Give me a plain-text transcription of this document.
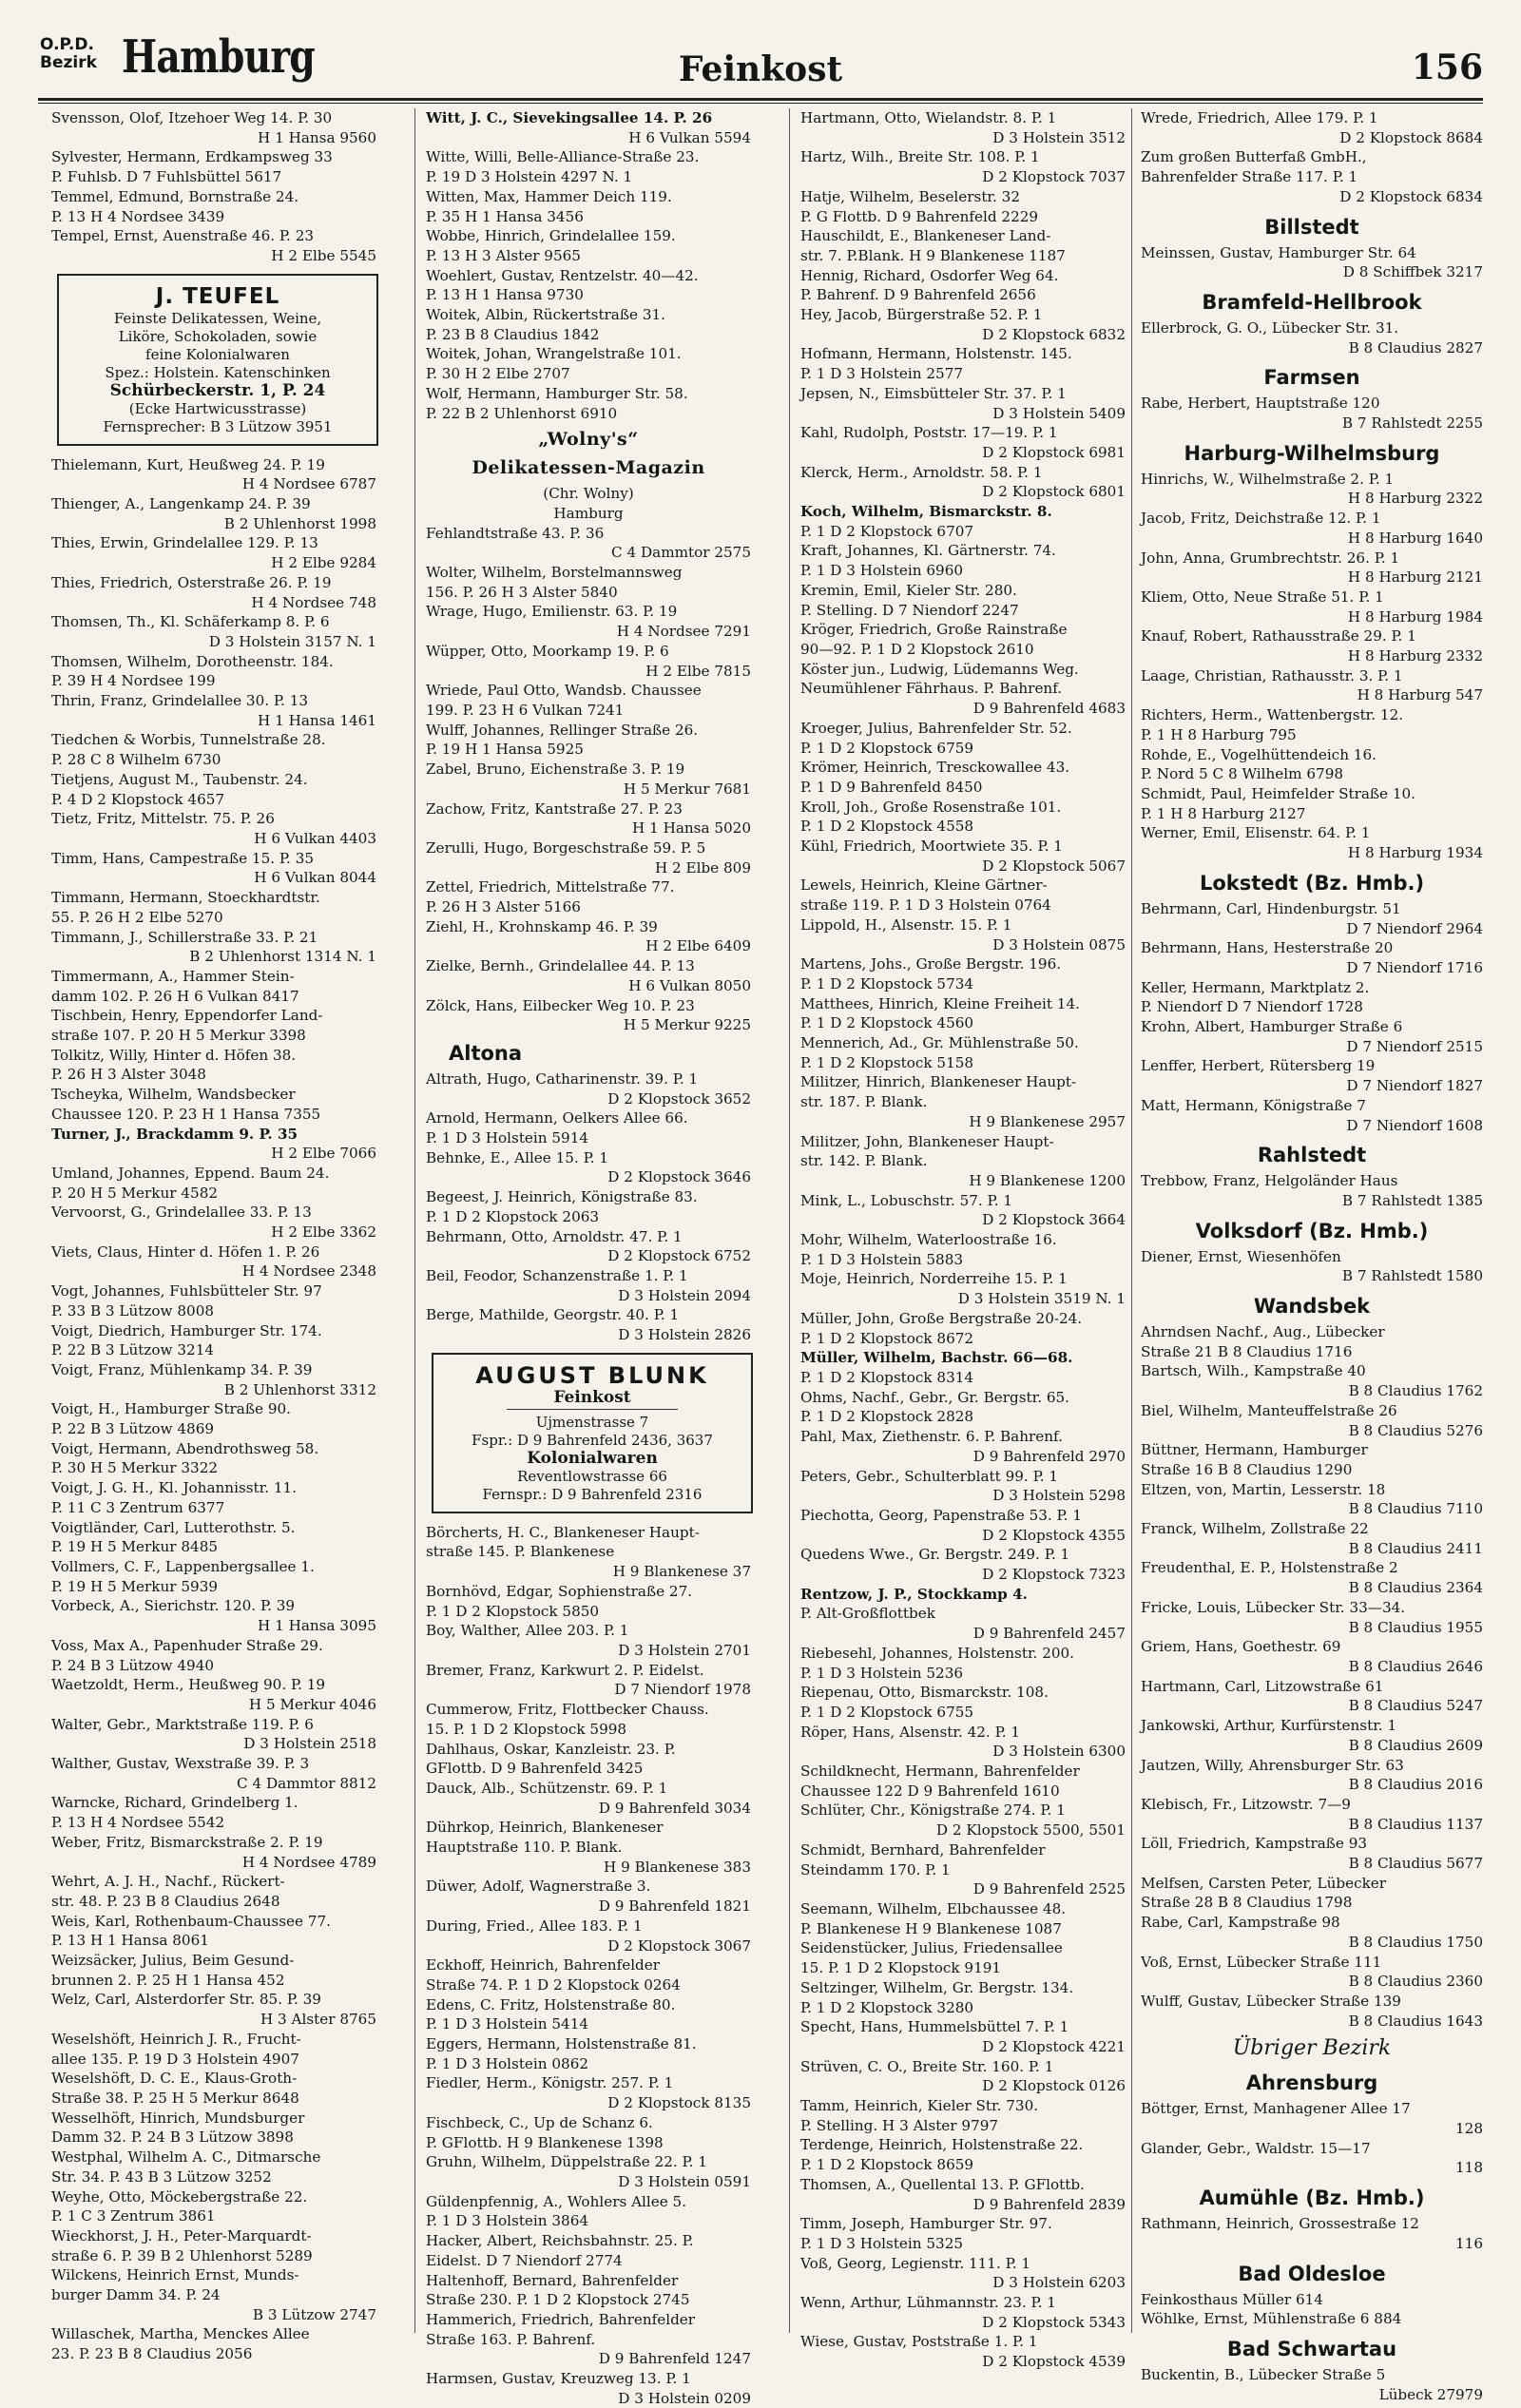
O.P.D.
Bezirk Hamburg	Feinkost	156
Svensson, Olof, Itzehoer Weg 14. P. 30
H 1 Hansa 9560
Sylvester, Hermann, Erdkampsweg 33
P. Fuhlsb. D 7 Fuhlsbüttel 5617
Temmel, Edmund, Bornstraße 24.
P. 13 H 4 Nordsee 3439
Tempel, Ernst, Auenstraße 46. P. 23
H 2 Elbe 5545
J. TEUFEL
Feinste Delikatessen, Weine,
Liköre, Schokoladen, sowie
feine Kolonialwaren
Spez.: Holstein. Katenschinken
Schürbeckerstr. 1, P. 24
(Ecke Hartwicusstrasse)
Fernsprecher: B 3 Lützow 3951
Thielemann, Kurt, Heußweg 24. P. 19
H 4 Nordsee 6787
Thienger, A., Langenkamp 24. P. 39
B 2 Uhlenhorst 1998
Thies, Erwin, Grindelallee 129. P. 13
H 2 Elbe 9284
Thies, Friedrich, Osterstraße 26. P. 19
H 4 Nordsee 748
Thomsen, Th., Kl. Schäferkamp 8. P. 6
D 3 Holstein 3157 N. 1
Thomsen, Wilhelm, Dorotheenstr. 184.
P. 39 H 4 Nordsee 199
Thrin, Franz, Grindelallee 30. P. 13
H 1 Hansa 1461
Tiedchen & Worbis, Tunnelstraße 28.
P. 28 C 8 Wilhelm 6730
Tietjens, August M., Taubenstr. 24.
P. 4 D 2 Klopstock 4657
Tietz, Fritz, Mittelstr. 75. P. 26
H 6 Vulkan 4403
Timm, Hans, Campestraße 15. P. 35
H 6 Vulkan 8044
Timmann, Hermann, Stoeckhardtstr.
55. P. 26 H 2 Elbe 5270
Timmann, J., Schillerstraße 33. P. 21
B 2 Uhlenhorst 1314 N. 1
Timmermann, A., Hammer Stein-
damm 102. P. 26 H 6 Vulkan 8417
Tischbein, Henry, Eppendorfer Land-
straße 107. P. 20 H 5 Merkur 3398
Tolkitz, Willy, Hinter d. Höfen 38.
P. 26 H 3 Alster 3048
Tscheyka, Wilhelm, Wandsbecker
Chaussee 120. P. 23 H 1 Hansa 7355
Turner, J., Brackdamm 9. P. 35
H 2 Elbe 7066
Umland, Johannes, Eppend. Baum 24.
P. 20 H 5 Merkur 4582
Vervoorst, G., Grindelallee 33. P. 13
H 2 Elbe 3362
Viets, Claus, Hinter d. Höfen 1. P. 26
H 4 Nordsee 2348
Vogt, Johannes, Fuhlsbütteler Str. 97
P. 33 B 3 Lützow 8008
Voigt, Diedrich, Hamburger Str. 174.
P. 22 B 3 Lützow 3214
Voigt, Franz, Mühlenkamp 34. P. 39
B 2 Uhlenhorst 3312
Voigt, H., Hamburger Straße 90.
P. 22 B 3 Lützow 4869
Voigt, Hermann, Abendrothsweg 58.
P. 30 H 5 Merkur 3322
Voigt, J. G. H., Kl. Johannisstr. 11.
P. 11 C 3 Zentrum 6377
Voigtländer, Carl, Lutterothstr. 5.
P. 19 H 5 Merkur 8485
Vollmers, C. F., Lappenbergsallee 1.
P. 19 H 5 Merkur 5939
Vorbeck, A., Sierichstr. 120. P. 39
H 1 Hansa 3095
Voss, Max A., Papenhuder Straße 29.
P. 24 B 3 Lützow 4940
Waetzoldt, Herm., Heußweg 90. P. 19
H 5 Merkur 4046
Walter, Gebr., Marktstraße 119. P. 6
D 3 Holstein 2518
Walther, Gustav, Wexstraße 39. P. 3
C 4 Dammtor 8812
Warncke, Richard, Grindelberg 1.
P. 13 H 4 Nordsee 5542
Weber, Fritz, Bismarckstraße 2. P. 19
H 4 Nordsee 4789
Wehrt, A. J. H., Nachf., Rückert-
str. 48. P. 23 B 8 Claudius 2648
Weis, Karl, Rothenbaum-Chaussee 77.
P. 13 H 1 Hansa 8061
Weizsäcker, Julius, Beim Gesund-
brunnen 2. P. 25 H 1 Hansa 452
Welz, Carl, Alsterdorfer Str. 85. P. 39
H 3 Alster 8765
Weselshöft, Heinrich J. R., Frucht-
allee 135. P. 19 D 3 Holstein 4907
Weselshöft, D. C. E., Klaus-Groth-
Straße 38. P. 25 H 5 Merkur 8648
Wesselhöft, Hinrich, Mundsburger
Damm 32. P. 24 B 3 Lützow 3898
Westphal, Wilhelm A. C., Ditmarsche
Str. 34. P. 43 B 3 Lützow 3252
Weyhe, Otto, Möckebergstraße 22.
P. 1 C 3 Zentrum 3861
Wieckhorst, J. H., Peter-Marquardt-
straße 6. P. 39 B 2 Uhlenhorst 5289
Wilckens, Heinrich Ernst, Munds-
burger Damm 34. P. 24
B 3 Lützow 2747
Willaschek, Martha, Menckes Allee
23. P. 23 B 8 Claudius 2056
Witt, J. C., Sievekingsallee 14. P. 26
H 6 Vulkan 5594
Witte, Willi, Belle-Alliance-Straße 23.
P. 19 D 3 Holstein 4297 N. 1
Witten, Max, Hammer Deich 119.
P. 35 H 1 Hansa 3456
Wobbe, Hinrich, Grindelallee 159.
P. 13 H 3 Alster 9565
Woehlert, Gustav, Rentzelstr. 40—42.
P. 13 H 1 Hansa 9730
Woitek, Albin, Rückertstraße 31.
P. 23 B 8 Claudius 1842
Woitek, Johan, Wrangelstraße 101.
P. 30 H 2 Elbe 2707
Wolf, Hermann, Hamburger Str. 58.
P. 22 B 2 Uhlenhorst 6910
„Wolny's“
Delikatessen-Magazin
(Chr. Wolny)
Hamburg
Fehlandtstraße 43. P. 36
C 4 Dammtor 2575
Wolter, Wilhelm, Borstelmannsweg
156. P. 26 H 3 Alster 5840
Wrage, Hugo, Emilienstr. 63. P. 19
H 4 Nordsee 7291
Wüpper, Otto, Moorkamp 19. P. 6
H 2 Elbe 7815
Wriede, Paul Otto, Wandsb. Chaussee
199. P. 23 H 6 Vulkan 7241
Wulff, Johannes, Rellinger Straße 26.
P. 19 H 1 Hansa 5925
Zabel, Bruno, Eichenstraße 3. P. 19
H 5 Merkur 7681
Zachow, Fritz, Kantstraße 27. P. 23
H 1 Hansa 5020
Zerulli, Hugo, Borgeschstraße 59. P. 5
H 2 Elbe 809
Zettel, Friedrich, Mittelstraße 77.
P. 26 H 3 Alster 5166
Ziehl, H., Krohnskamp 46. P. 39
H 2 Elbe 6409
Zielke, Bernh., Grindelallee 44. P. 13
H 6 Vulkan 8050
Zölck, Hans, Eilbecker Weg 10. P. 23
H 5 Merkur 9225
Altona
Altrath, Hugo, Catharinenstr. 39. P. 1
D 2 Klopstock 3652
Arnold, Hermann, Oelkers Allee 66.
P. 1 D 3 Holstein 5914
Behnke, E., Allee 15. P. 1
D 2 Klopstock 3646
Begeest, J. Heinrich, Königstraße 83.
P. 1 D 2 Klopstock 2063
Behrmann, Otto, Arnoldstr. 47. P. 1
D 2 Klopstock 6752
Beil, Feodor, Schanzenstraße 1. P. 1
D 3 Holstein 2094
Berge, Mathilde, Georgstr. 40. P. 1
D 3 Holstein 2826
AUGUST BLUNK
Feinkost
Ujmenstrasse 7
Fspr.: D 9 Bahrenfeld 2436, 3637
Kolonialwaren
Reventlowstrasse 66
Fernspr.: D 9 Bahrenfeld 2316
Börcherts, H. C., Blankeneser Haupt-
straße 145. P. Blankenese
H 9 Blankenese 37
Bornhövd, Edgar, Sophienstraße 27.
P. 1 D 2 Klopstock 5850
Boy, Walther, Allee 203. P. 1
D 3 Holstein 2701
Bremer, Franz, Karkwurt 2. P. Eidelst.
D 7 Niendorf 1978
Cummerow, Fritz, Flottbecker Chauss.
15. P. 1 D 2 Klopstock 5998
Dahlhaus, Oskar, Kanzleistr. 23. P.
GFlottb. D 9 Bahrenfeld 3425
Dauck, Alb., Schützenstr. 69. P. 1
D 9 Bahrenfeld 3034
Dührkop, Heinrich, Blankeneser
Hauptstraße 110. P. Blank.
H 9 Blankenese 383
Düwer, Adolf, Wagnerstraße 3.
D 9 Bahrenfeld 1821
During, Fried., Allee 183. P. 1
D 2 Klopstock 3067
Eckhoff, Heinrich, Bahrenfelder
Straße 74. P. 1 D 2 Klopstock 0264
Edens, C. Fritz, Holstenstraße 80.
P. 1 D 3 Holstein 5414
Eggers, Hermann, Holstenstraße 81.
P. 1 D 3 Holstein 0862
Fiedler, Herm., Königstr. 257. P. 1
D 2 Klopstock 8135
Fischbeck, C., Up de Schanz 6.
P. GFlottb. H 9 Blankenese 1398
Gruhn, Wilhelm, Düppelstraße 22. P. 1
D 3 Holstein 0591
Güldenpfennig, A., Wohlers Allee 5.
P. 1 D 3 Holstein 3864
Hacker, Albert, Reichsbahnstr. 25. P.
Eidelst. D 7 Niendorf 2774
Haltenhoff, Bernard, Bahrenfelder
Straße 230. P. 1 D 2 Klopstock 2745
Hammerich, Friedrich, Bahrenfelder
Straße 163. P. Bahrenf.
D 9 Bahrenfeld 1247
Harmsen, Gustav, Kreuzweg 13. P. 1
D 3 Holstein 0209
Hartmann, Otto, Wielandstr. 8. P. 1
D 3 Holstein 3512
Hartz, Wilh., Breite Str. 108. P. 1
D 2 Klopstock 7037
Hatje, Wilhelm, Beselerstr. 32
P. G Flottb. D 9 Bahrenfeld 2229
Hauschildt, E., Blankeneser Land-
str. 7. P.Blank. H 9 Blankenese 1187
Hennig, Richard, Osdorfer Weg 64.
P. Bahrenf. D 9 Bahrenfeld 2656
Hey, Jacob, Bürgerstraße 52. P. 1
D 2 Klopstock 6832
Hofmann, Hermann, Holstenstr. 145.
P. 1 D 3 Holstein 2577
Jepsen, N., Eimsbütteler Str. 37. P. 1
D 3 Holstein 5409
Kahl, Rudolph, Poststr. 17—19. P. 1
D 2 Klopstock 6981
Klerck, Herm., Arnoldstr. 58. P. 1
D 2 Klopstock 6801
Koch, Wilhelm, Bismarckstr. 8.
P. 1 D 2 Klopstock 6707
Kraft, Johannes, Kl. Gärtnerstr. 74.
P. 1 D 3 Holstein 6960
Kremin, Emil, Kieler Str. 280.
P. Stelling. D 7 Niendorf 2247
Kröger, Friedrich, Große Rainstraße
90—92. P. 1 D 2 Klopstock 2610
Köster jun., Ludwig, Lüdemanns Weg.
Neumühlener Fährhaus. P. Bahrenf.
D 9 Bahrenfeld 4683
Kroeger, Julius, Bahrenfelder Str. 52.
P. 1 D 2 Klopstock 6759
Krömer, Heinrich, Tresckowallee 43.
P. 1 D 9 Bahrenfeld 8450
Kroll, Joh., Große Rosenstraße 101.
P. 1 D 2 Klopstock 4558
Kühl, Friedrich, Moortwiete 35. P. 1
D 2 Klopstock 5067
Lewels, Heinrich, Kleine Gärtner-
straße 119. P. 1 D 3 Holstein 0764
Lippold, H., Alsenstr. 15. P. 1
D 3 Holstein 0875
Martens, Johs., Große Bergstr. 196.
P. 1 D 2 Klopstock 5734
Matthees, Hinrich, Kleine Freiheit 14.
P. 1 D 2 Klopstock 4560
Mennerich, Ad., Gr. Mühlenstraße 50.
P. 1 D 2 Klopstock 5158
Militzer, Hinrich, Blankeneser Haupt-
str. 187. P. Blank.
H 9 Blankenese 2957
Militzer, John, Blankeneser Haupt-
str. 142. P. Blank.
H 9 Blankenese 1200
Mink, L., Lobuschstr. 57. P. 1
D 2 Klopstock 3664
Mohr, Wilhelm, Waterloostraße 16.
P. 1 D 3 Holstein 5883
Moje, Heinrich, Norderreihe 15. P. 1
D 3 Holstein 3519 N. 1
Müller, John, Große Bergstraße 20-24.
P. 1 D 2 Klopstock 8672
Müller, Wilhelm, Bachstr. 66—68.
P. 1 D 2 Klopstock 8314
Ohms, Nachf., Gebr., Gr. Bergstr. 65.
P. 1 D 2 Klopstock 2828
Pahl, Max, Ziethenstr. 6. P. Bahrenf.
D 9 Bahrenfeld 2970
Peters, Gebr., Schulterblatt 99. P. 1
D 3 Holstein 5298
Piechotta, Georg, Papenstraße 53. P. 1
D 2 Klopstock 4355
Quedens Wwe., Gr. Bergstr. 249. P. 1
D 2 Klopstock 7323
Rentzow, J. P., Stockkamp 4.
P. Alt-Großflottbek
D 9 Bahrenfeld 2457
Riebesehl, Johannes, Holstenstr. 200.
P. 1 D 3 Holstein 5236
Riepenau, Otto, Bismarckstr. 108.
P. 1 D 2 Klopstock 6755
Röper, Hans, Alsenstr. 42. P. 1
D 3 Holstein 6300
Schildknecht, Hermann, Bahrenfelder
Chaussee 122 D 9 Bahrenfeld 1610
Schlüter, Chr., Königstraße 274. P. 1
D 2 Klopstock 5500, 5501
Schmidt, Bernhard, Bahrenfelder
Steindamm 170. P. 1
D 9 Bahrenfeld 2525
Seemann, Wilhelm, Elbchaussee 48.
P. Blankenese H 9 Blankenese 1087
Seidenstücker, Julius, Friedensallee
15. P. 1 D 2 Klopstock 9191
Seltzinger, Wilhelm, Gr. Bergstr. 134.
P. 1 D 2 Klopstock 3280
Specht, Hans, Hummelsbüttel 7. P. 1
D 2 Klopstock 4221
Strüven, C. O., Breite Str. 160. P. 1
D 2 Klopstock 0126
Tamm, Heinrich, Kieler Str. 730.
P. Stelling. H 3 Alster 9797
Terdenge, Heinrich, Holstenstraße 22.
P. 1 D 2 Klopstock 8659
Thomsen, A., Quellental 13. P. GFlottb.
D 9 Bahrenfeld 2839
Timm, Joseph, Hamburger Str. 97.
P. 1 D 3 Holstein 5325
Voß, Georg, Legienstr. 111. P. 1
D 3 Holstein 6203
Wenn, Arthur, Lühmannstr. 23. P. 1
D 2 Klopstock 5343
Wiese, Gustav, Poststraße 1. P. 1
D 2 Klopstock 4539
Wrede, Friedrich, Allee 179. P. 1
D 2 Klopstock 8684
Zum großen Butterfaß GmbH.,
Bahrenfelder Straße 117. P. 1
D 2 Klopstock 6834
Billstedt
Meinssen, Gustav, Hamburger Str. 64
D 8 Schiffbek 3217
Bramfeld-Hellbrook
Ellerbrock, G. O., Lübecker Str. 31.
B 8 Claudius 2827
Farmsen
Rabe, Herbert, Hauptstraße 120
B 7 Rahlstedt 2255
Harburg-Wilhelmsburg
Hinrichs, W., Wilhelmstraße 2. P. 1
H 8 Harburg 2322
Jacob, Fritz, Deichstraße 12. P. 1
H 8 Harburg 1640
John, Anna, Grumbrechtstr. 26. P. 1
H 8 Harburg 2121
Kliem, Otto, Neue Straße 51. P. 1
H 8 Harburg 1984
Knauf, Robert, Rathausstraße 29. P. 1
H 8 Harburg 2332
Laage, Christian, Rathausstr. 3. P. 1
H 8 Harburg 547
Richters, Herm., Wattenbergstr. 12.
P. 1 H 8 Harburg 795
Rohde, E., Vogelhüttendeich 16.
P. Nord 5 C 8 Wilhelm 6798
Schmidt, Paul, Heimfelder Straße 10.
P. 1 H 8 Harburg 2127
Werner, Emil, Elisenstr. 64. P. 1
H 8 Harburg 1934
Lokstedt (Bz. Hmb.)
Behrmann, Carl, Hindenburgstr. 51
D 7 Niendorf 2964
Behrmann, Hans, Hesterstraße 20
D 7 Niendorf 1716
Keller, Hermann, Marktplatz 2.
P. Niendorf D 7 Niendorf 1728
Krohn, Albert, Hamburger Straße 6
D 7 Niendorf 2515
Lenffer, Herbert, Rütersberg 19
D 7 Niendorf 1827
Matt, Hermann, Königstraße 7
D 7 Niendorf 1608
Rahlstedt
Trebbow, Franz, Helgoländer Haus
B 7 Rahlstedt 1385
Volksdorf (Bz. Hmb.)
Diener, Ernst, Wiesenhöfen
B 7 Rahlstedt 1580
Wandsbek
Ahrndsen Nachf., Aug., Lübecker
Straße 21 B 8 Claudius 1716
Bartsch, Wilh., Kampstraße 40
B 8 Claudius 1762
Biel, Wilhelm, Manteuffelstraße 26
B 8 Claudius 5276
Büttner, Hermann, Hamburger
Straße 16 B 8 Claudius 1290
Eltzen, von, Martin, Lesserstr. 18
B 8 Claudius 7110
Franck, Wilhelm, Zollstraße 22
B 8 Claudius 2411
Freudenthal, E. P., Holstenstraße 2
B 8 Claudius 2364
Fricke, Louis, Lübecker Str. 33—34.
B 8 Claudius 1955
Griem, Hans, Goethestr. 69
B 8 Claudius 2646
Hartmann, Carl, Litzowstraße 61
B 8 Claudius 5247
Jankowski, Arthur, Kurfürstenstr. 1
B 8 Claudius 2609
Jautzen, Willy, Ahrensburger Str. 63
B 8 Claudius 2016
Klebisch, Fr., Litzowstr. 7—9
B 8 Claudius 1137
Löll, Friedrich, Kampstraße 93
B 8 Claudius 5677
Melfsen, Carsten Peter, Lübecker
Straße 28 B 8 Claudius 1798
Rabe, Carl, Kampstraße 98
B 8 Claudius 1750
Voß, Ernst, Lübecker Straße 111
B 8 Claudius 2360
Wulff, Gustav, Lübecker Straße 139
B 8 Claudius 1643
Übriger Bezirk
Ahrensburg
Böttger, Ernst, Manhagener Allee 17
128
Glander, Gebr., Waldstr. 15—17
118
Aumühle (Bz. Hmb.)
Rathmann, Heinrich, Grossestraße 12
116
Bad Oldesloe
Feinkosthaus Müller 614
Wöhlke, Ernst, Mühlenstraße 6 884
Bad Schwartau
Buckentin, B., Lübecker Straße 5
Lübeck 27979
